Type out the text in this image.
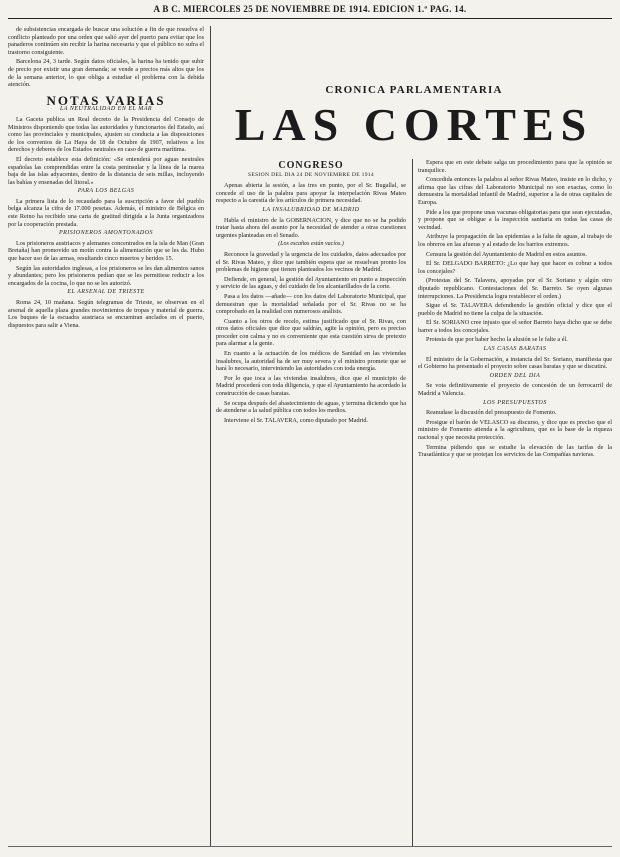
A B C. MIERCOLES 25 DE NOVIEMBRE DE 1914. EDICION 1.ª PAG. 14.

de subsistencias encargada de buscar una solución a fin de que resuelva el conflicto planteado por una orden que salió ayer del puerto para evitar que los panaderos continúen sin recibir la harina necesaria y que el público no sufra el trastorno consiguiente.

Barcelona 24, 3 tarde. Según datos oficiales, la harina ha tenido que subir de precio por existir una gran demanda; se vende a precios más altos que los de la semana anterior, lo que obliga a estudiar el problema con la debida atención.

NOTAS VARIAS
LA NEUTRALIDAD EN EL MAR

La Gaceta publica un Real decreto de la Presidencia del Consejo de Ministros disponiendo que todas las autoridades y funcionarios del Estado, así como las provinciales y municipales, ajusten su conducta a las disposiciones de los convenios de La Haya de 18 de Octubre de 1907, relativos a los derechos y deberes de los Estados neutrales en caso de guerra marítima.

El decreto establece esta definición: «Se entenderá por aguas neutrales españolas las comprendidas entre la costa peninsular y la línea de la marea baja de las islas adyacentes, dentro de la distancia de seis millas, incluyendo las bahías y ensenadas del litoral.»

PARA LOS BELGAS

La primera lista de lo recaudado para la suscripción a favor del pueblo belga alcanza la cifra de 17.000 pesetas. Además, el ministro de Bélgica en este Reino ha recibido una carta de gratitud dirigida a la Junta organizadora por la cooperación prestada.

PRISIONEROS AMONTONADOS

Los prisioneros austriacos y alemanes concentrados en la isla de Man (Gran Bretaña) han promovido un motín contra la alimentación que se les da. Hubo que hacer uso de las armas, resultando cinco muertos y heridos 15.

Según las autoridades inglesas, a los prisioneros se les dan alimentos sanos y abundantes; pero los prisioneros pedían que se les permitiese reducir a los encargados de la cocina, lo que no se les autorizó.

EL ARSENAL DE TRIESTE

Roma 24, 10 mañana. Según telegramas de Trieste, se observan en el arsenal de aquella plaza grandes movimientos de tropas y material de guerra. Los buques de la escuadra austriaca se encuentran anclados en el puerto, dispuestos para salir a Viena.

CRONICA PARLAMENTARIA
LAS CORTES
CONGRESO
SESION DEL DIA 24 DE NOVIEMBRE DE 1914

Apenas abierta la sesión, a las tres en punto, por el Sr. Bugallal, se concede el uso de la palabra para apoyar la interpelación Rivas Mateo respecto a la carestía de los artículos de primera necesidad.

LA INSALUBRIDAD DE MADRID

Habla el ministro de la GOBERNACION, y dice que no se ha podido tratar hasta ahora del asunto por la necesidad de atender a otras cuestiones urgentes planteadas en el Senado.

(Los escaños están vacíos.)

Reconoce la gravedad y la urgencia de los cuidados, datos adecuados por el Sr. Rivas Mateo, y dice que también espera que se resuelvan pronto los problemas de higiene que tienen planteados los vecinos de Madrid.

Defiende, en general, la gestión del Ayuntamiento en punto a inspección y servicio de las aguas, y del cuidado de los alcantarillados de la corte.

Pasa a los datos —añade— con los datos del Laboratorio Municipal, que demuestran que la mortalidad señalada por el Sr. Rivas no se ha comprobado en la realidad con numerosos análisis.

Cuanto a los otros de recelo, estima justificado que el Sr. Rivas, con otros datos oficiales que dice que saldrán, agite la opinión, pero es preciso proceder con calma y no es conveniente que esta cuestión sirva de pretexto para alarmar a la gente.

En cuanto a la actuación de los médicos de Sanidad en las viviendas insalubres, la autoridad ha de ser muy severa y el ministro promete que se hará lo necesario, interviniendo las autoridades con toda energía.

Por lo que toca a las viviendas insalubres, dice que el municipio de Madrid procederá con toda diligencia, y que el Ayuntamiento ha acordado la construcción de casas baratas.

Se ocupa después del abastecimiento de aguas, y termina diciendo que ha de atenderse a la salud pública con todos los medios.

Interviene el Sr. TALAVERA, como diputado por Madrid.

Espera que en este debate salga un procedimiento para que la opinión se tranquilice.

Concedida entonces la palabra al señor Rivas Mateo, insiste en lo dicho, y afirma que las cifras del Laboratorio Municipal no son exactas, como lo demuestra la mortalidad infantil de Madrid, superior a la de otras capitales de Europa.

Pide a los que propone unas vacunas obligatorias para que sean ejecutadas, y propone que se obligue a la inspección sanitaria en todas las casas de vecindad.

Atribuye la propagación de las epidemias a la falta de aguas, al trabajo de los obreros en las afueras y al estado de los barrios extremos.

Censura la gestión del Ayuntamiento de Madrid en estos asuntos.

El Sr. DELGADO BARRETO: ¿Lo que hay que hacer es cobrar a todos los concejales?

(Protestas del Sr. Talavera, apoyadas por el Sr. Soriano y algún otro diputado republicano. Contestaciones del Sr. Barreto. Se oyen algunas interrupciones. La Presidencia logra restablecer el orden.)

Sigue el Sr. TALAVERA defendiendo la gestión oficial y dice que el pueblo de Madrid no tiene la culpa de la situación.

El Sr. SORIANO cree injusto que el señor Barreto haya dicho que se debe barrer a todos los concejales.

Protesta de que por haber hecho la alusión se le falte a él.

LAS CASAS BARATAS

El ministro de la Gobernación, a instancia del Sr. Soriano, manifiesta que el Gobierno ha presentado el proyecto sobre casas baratas y que se discutirá.

ORDEN DEL DIA

Se vota definitivamente el proyecto de concesión de un ferrocarril de Madrid a Valencia.

LOS PRESUPUESTOS

Reanudase la discusión del presupuesto de Fomento.

Prosigue el barón de VELASCO su discurso, y dice que es preciso que el ministro de Fomento atienda a la agricultura, que es la base de la riqueza nacional y que necesita protección.

Termina pidiendo que se estudie la elevación de las tarifas de la Trasatlántica y que se protejan los servicios de las Compañías navieras.
